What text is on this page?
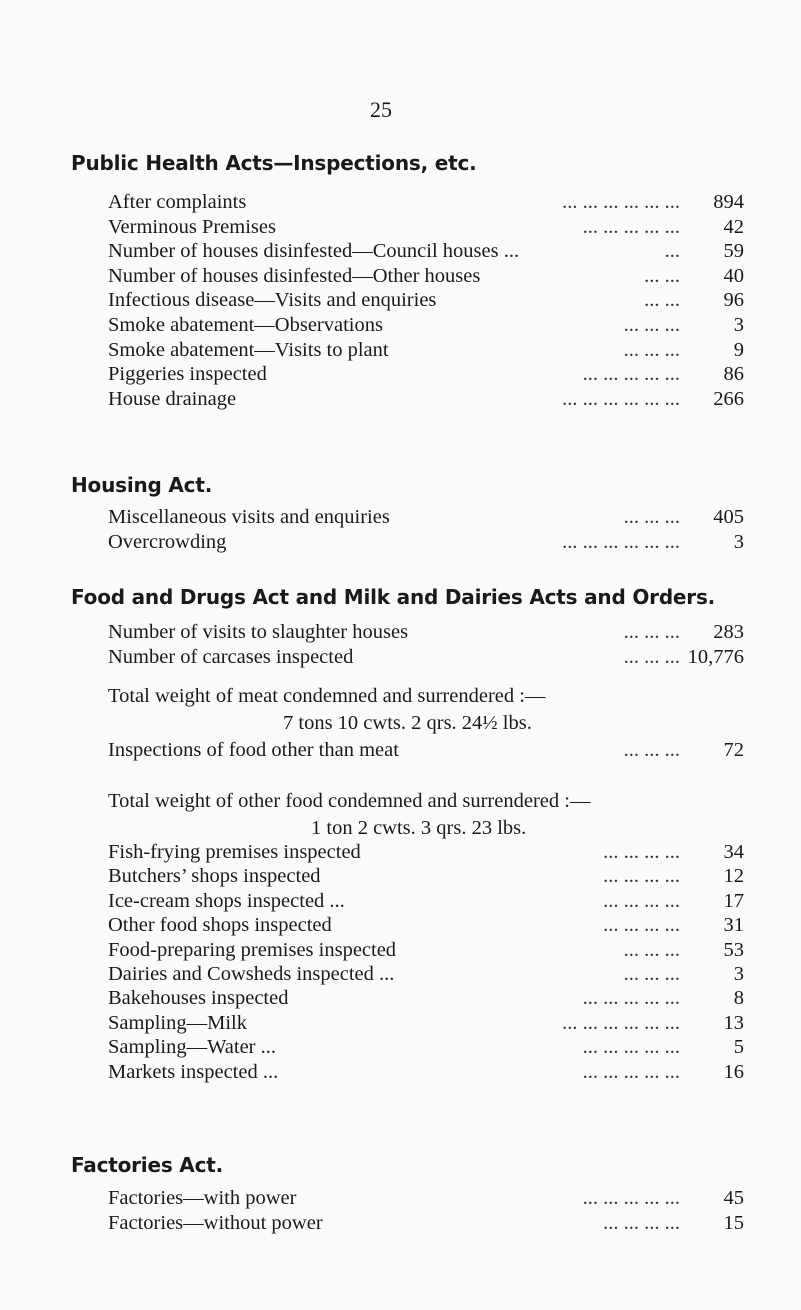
25
Public Health Acts—Inspections, etc.
... ... ... ... ... ...
After complaints	894
... ... ... ... ...
Verminous Premises	42
...
Number of houses disinfested—Council houses ...	59
... ...
Number of houses disinfested—Other houses	40
... ...
Infectious disease—Visits and enquiries	96
... ... ...
Smoke abatement—Observations	3
... ... ...
Smoke abatement—Visits to plant	9
... ... ... ... ...
Piggeries inspected	86
... ... ... ... ... ...
House drainage	266
Housing Act.
... ... ...
Miscellaneous visits and enquiries	405
... ... ... ... ... ...
Overcrowding	3
Food and Drugs Act and Milk and Dairies Acts and Orders.
... ... ...
Number of visits to slaughter houses	283
... ... ...
Number of carcases inspected	10,776
Total weight of meat condemned and surrendered :—
7 tons 10 cwts. 2 qrs. 24½ lbs.
... ... ...
Inspections of food other than meat	72
Total weight of other food condemned and surrendered :—
1 ton 2 cwts. 3 qrs. 23 lbs.
... ... ... ...
Fish-frying premises inspected	34
... ... ... ...
Butchers’ shops inspected	12
... ... ... ...
Ice-cream shops inspected ...	17
... ... ... ...
Other food shops inspected	31
... ... ...
Food-preparing premises inspected	53
... ... ...
Dairies and Cowsheds inspected ...	3
... ... ... ... ...
Bakehouses inspected	8
... ... ... ... ... ...
Sampling—Milk	13
... ... ... ... ...
Sampling—Water ...	5
... ... ... ... ...
Markets inspected ...	16
Factories Act.
... ... ... ... ...
Factories—with power	45
... ... ... ...
Factories—without power	15
